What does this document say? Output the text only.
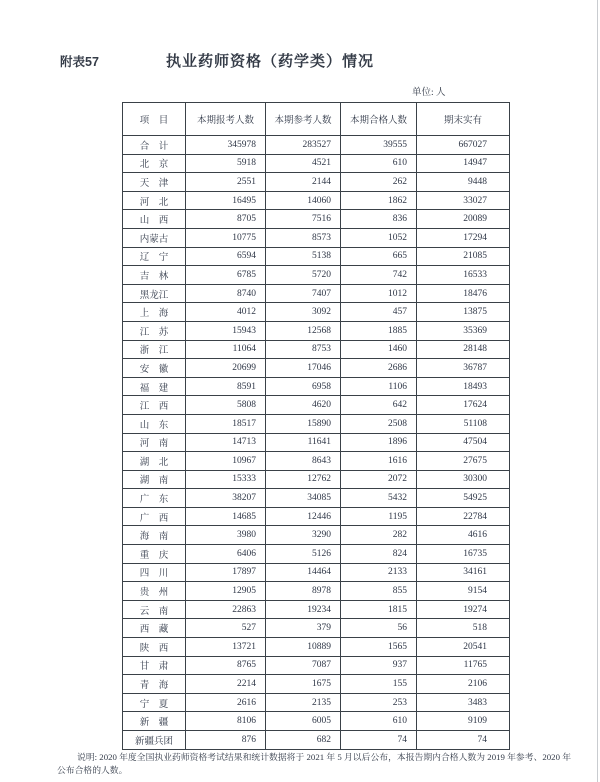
附表57	执业药师资格（药学类）情况
单位: 人
项　目	本期报考人数	本期参考人数	本期合格人数	期末实有
合　计	345978	283527	39555	667027
北　京	5918	4521	610	14947
天　津	2551	2144	262	9448
河　北	16495	14060	1862	33027
山　西	8705	7516	836	20089
内蒙古	10775	8573	1052	17294
辽　宁	6594	5138	665	21085
吉　林	6785	5720	742	16533
黑龙江	8740	7407	1012	18476
上　海	4012	3092	457	13875
江　苏	15943	12568	1885	35369
浙　江	11064	8753	1460	28148
安　徽	20699	17046	2686	36787
福　建	8591	6958	1106	18493
江　西	5808	4620	642	17624
山　东	18517	15890	2508	51108
河　南	14713	11641	1896	47504
湖　北	10967	8643	1616	27675
湖　南	15333	12762	2072	30300
广　东	38207	34085	5432	54925
广　西	14685	12446	1195	22784
海　南	3980	3290	282	4616
重　庆	6406	5126	824	16735
四　川	17897	14464	2133	34161
贵　州	12905	8978	855	9154
云　南	22863	19234	1815	19274
西　藏	527	379	56	518
陕　西	13721	10889	1565	20541
甘　肃	8765	7087	937	11765
青　海	2214	1675	155	2106
宁　夏	2616	2135	253	3483
新　疆	8106	6005	610	9109
新疆兵团	876	682	74	74
说明: 2020 年度全国执业药师资格考试结果和统计数据将于 2021 年 5 月以后公布，本报告期内合格人数为 2019 年参考、2020 年公布合格的人数。
